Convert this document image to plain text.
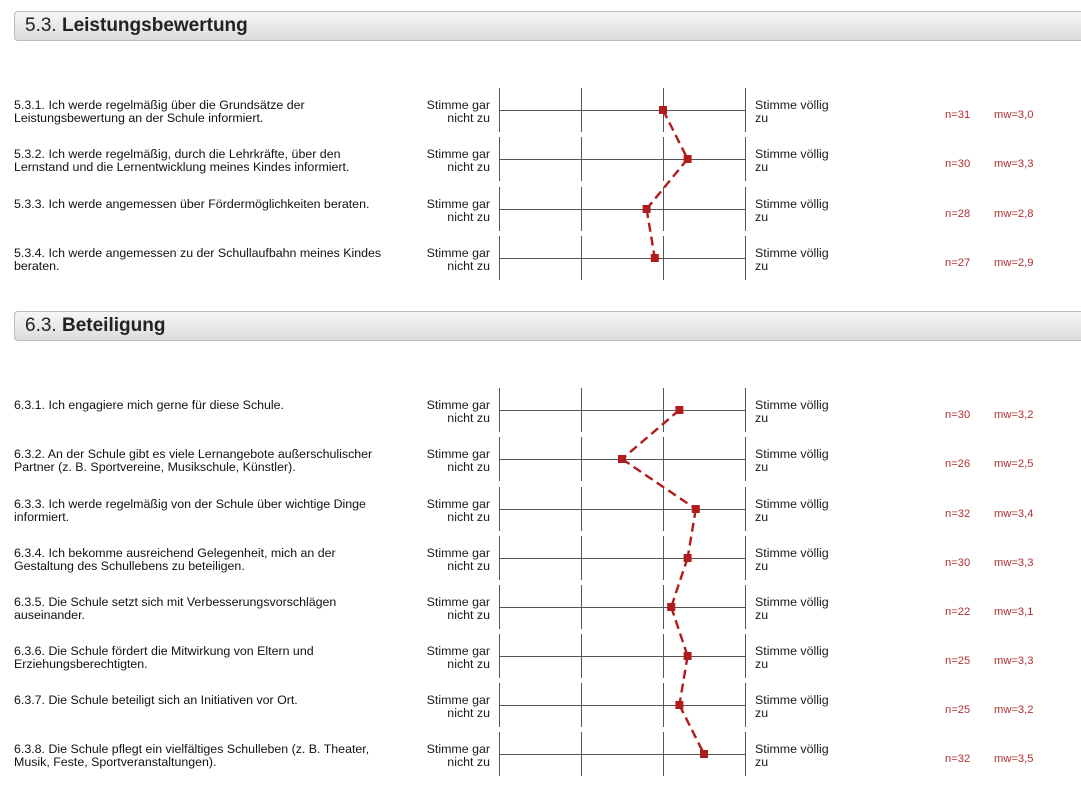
5.3. Leistungsbewertung
6.3. Beteiligung
5.3.1. Ich werde regelmäßig über die Grundsätze der Leistungsbewertung an der Schule informiert.
Stimme gar
nicht zu
Stimme völlig
zu	n=31 mw=3,0
5.3.2. Ich werde regelmäßig, durch die Lehrkräfte, über den Lernstand und die Lernentwicklung meines Kindes informiert.
Stimme gar
nicht zu
Stimme völlig
zu	n=30 mw=3,3
5.3.3. Ich werde angemessen über Fördermöglichkeiten beraten.	Stimme gar
nicht zu
Stimme völlig
zu	n=28 mw=2,8
5.3.4. Ich werde angemessen zu der Schullaufbahn meines Kindes beraten.
Stimme gar
nicht zu
Stimme völlig
zu	n=27 mw=2,9
6.3.1. Ich engagiere mich gerne für diese Schule.	Stimme gar
nicht zu
Stimme völlig
zu	n=30 mw=3,2
6.3.2. An der Schule gibt es viele Lernangebote außerschulischer Partner (z. B. Sportvereine, Musikschule, Künstler).
Stimme gar
nicht zu
Stimme völlig
zu	n=26 mw=2,5
6.3.3. Ich werde regelmäßig von der Schule über wichtige Dinge informiert.
Stimme gar
nicht zu
Stimme völlig
zu	n=32 mw=3,4
6.3.4. Ich bekomme ausreichend Gelegenheit, mich an der Gestaltung des Schullebens zu beteiligen.
Stimme gar
nicht zu
Stimme völlig
zu	n=30 mw=3,3
6.3.5. Die Schule setzt sich mit Verbesserungsvorschlägen auseinander.
Stimme gar
nicht zu
Stimme völlig
zu	n=22 mw=3,1
6.3.6. Die Schule fördert die Mitwirkung von Eltern und Erziehungsberechtigten.
Stimme gar
nicht zu
Stimme völlig
zu	n=25 mw=3,3
6.3.7. Die Schule beteiligt sich an Initiativen vor Ort.	Stimme gar
nicht zu
Stimme völlig
zu	n=25 mw=3,2
6.3.8. Die Schule pflegt ein vielfältiges Schulleben (z. B. Theater, Musik, Feste, Sportveranstaltungen).
Stimme gar
nicht zu
Stimme völlig
zu	n=32 mw=3,5
